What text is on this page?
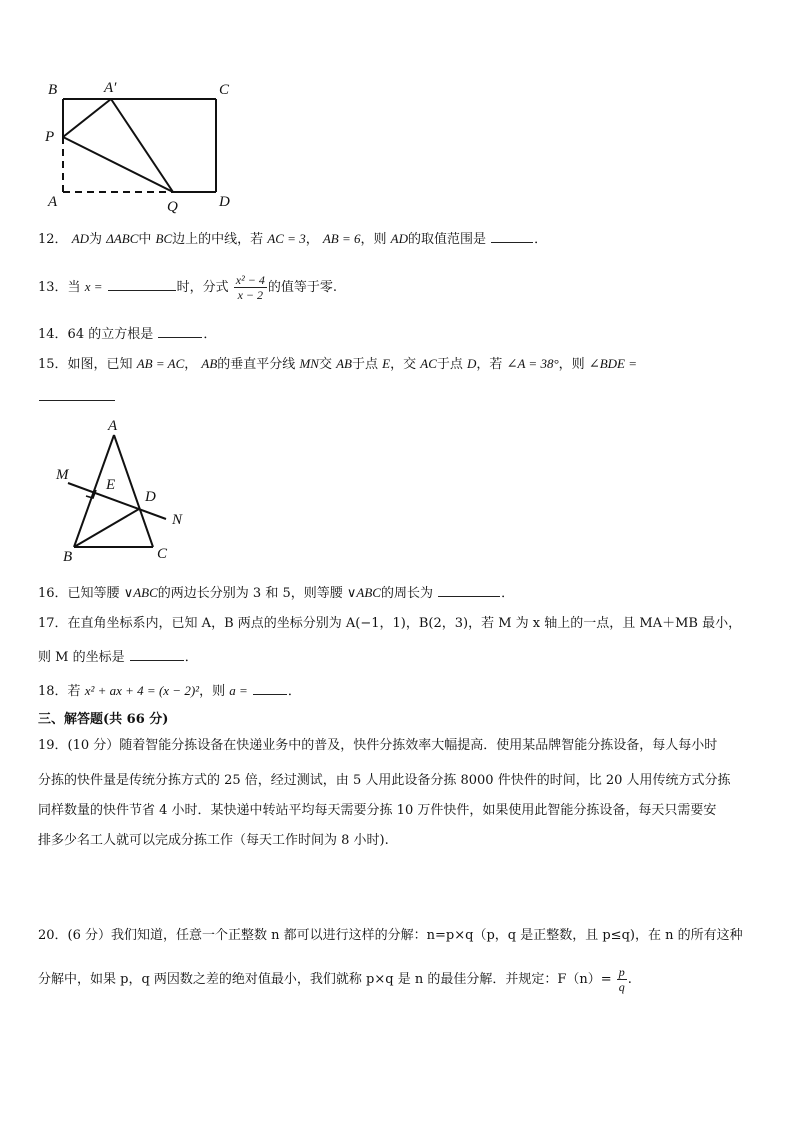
B	A′	C
P
A	Q	D
12． AD为 ΔABC中 BC边上的中线，若 AC = 3， AB = 6，则 AD的取值范围是	．
13．当 x =	时，分式 $\frac{\text{x² − 4}}{x - 2}$ 的值等于零.
14．64 的立方根是	．
15．如图，已知 AB = AC， AB的垂直平分线 MN交 AB于点 E，交 AC于点 D，若 ∠A = 38°，则 ∠BDE =
A
M
E
D
N
B	C
16．已知等腰 ∨ABC的两边长分别为 3 和 5，则等腰 ∨ABC的周长为	．
17．在直角坐标系内，已知 A，B 两点的坐标分别为 A(−1，1)，B(2，3)，若 M 为 x 轴上的一点，且 MA＋MB 最小，
则 M 的坐标是	．
18．若 x² + ax + 4 = (x − 2)²，则 a =	．
三、解答题(共 66 分)
19．(10 分）随着智能分拣设备在快递业务中的普及，快件分拣效率大幅提高．使用某品牌智能分拣设备，每人每小时
分拣的快件量是传统分拣方式的 25 倍，经过测试，由 5 人用此设备分拣 8000 件快件的时间，比 20 人用传统方式分拣
同样数量的快件节省 4 小时．某快递中转站平均每天需要分拣 10 万件快件，如果使用此智能分拣设备，每天只需要安
排多少名工人就可以完成分拣工作（每天工作时间为 8 小时).
20．(6 分）我们知道，任意一个正整数 n 都可以进行这样的分解：n=p×q（p，q 是正整数，且 p≤q)，在 n 的所有这种
分解中，如果 p，q 两因数之差的绝对值最小，我们就称 p×q 是 n 的最佳分解．并规定：$F(n)= \frac{p}{q}$ .
